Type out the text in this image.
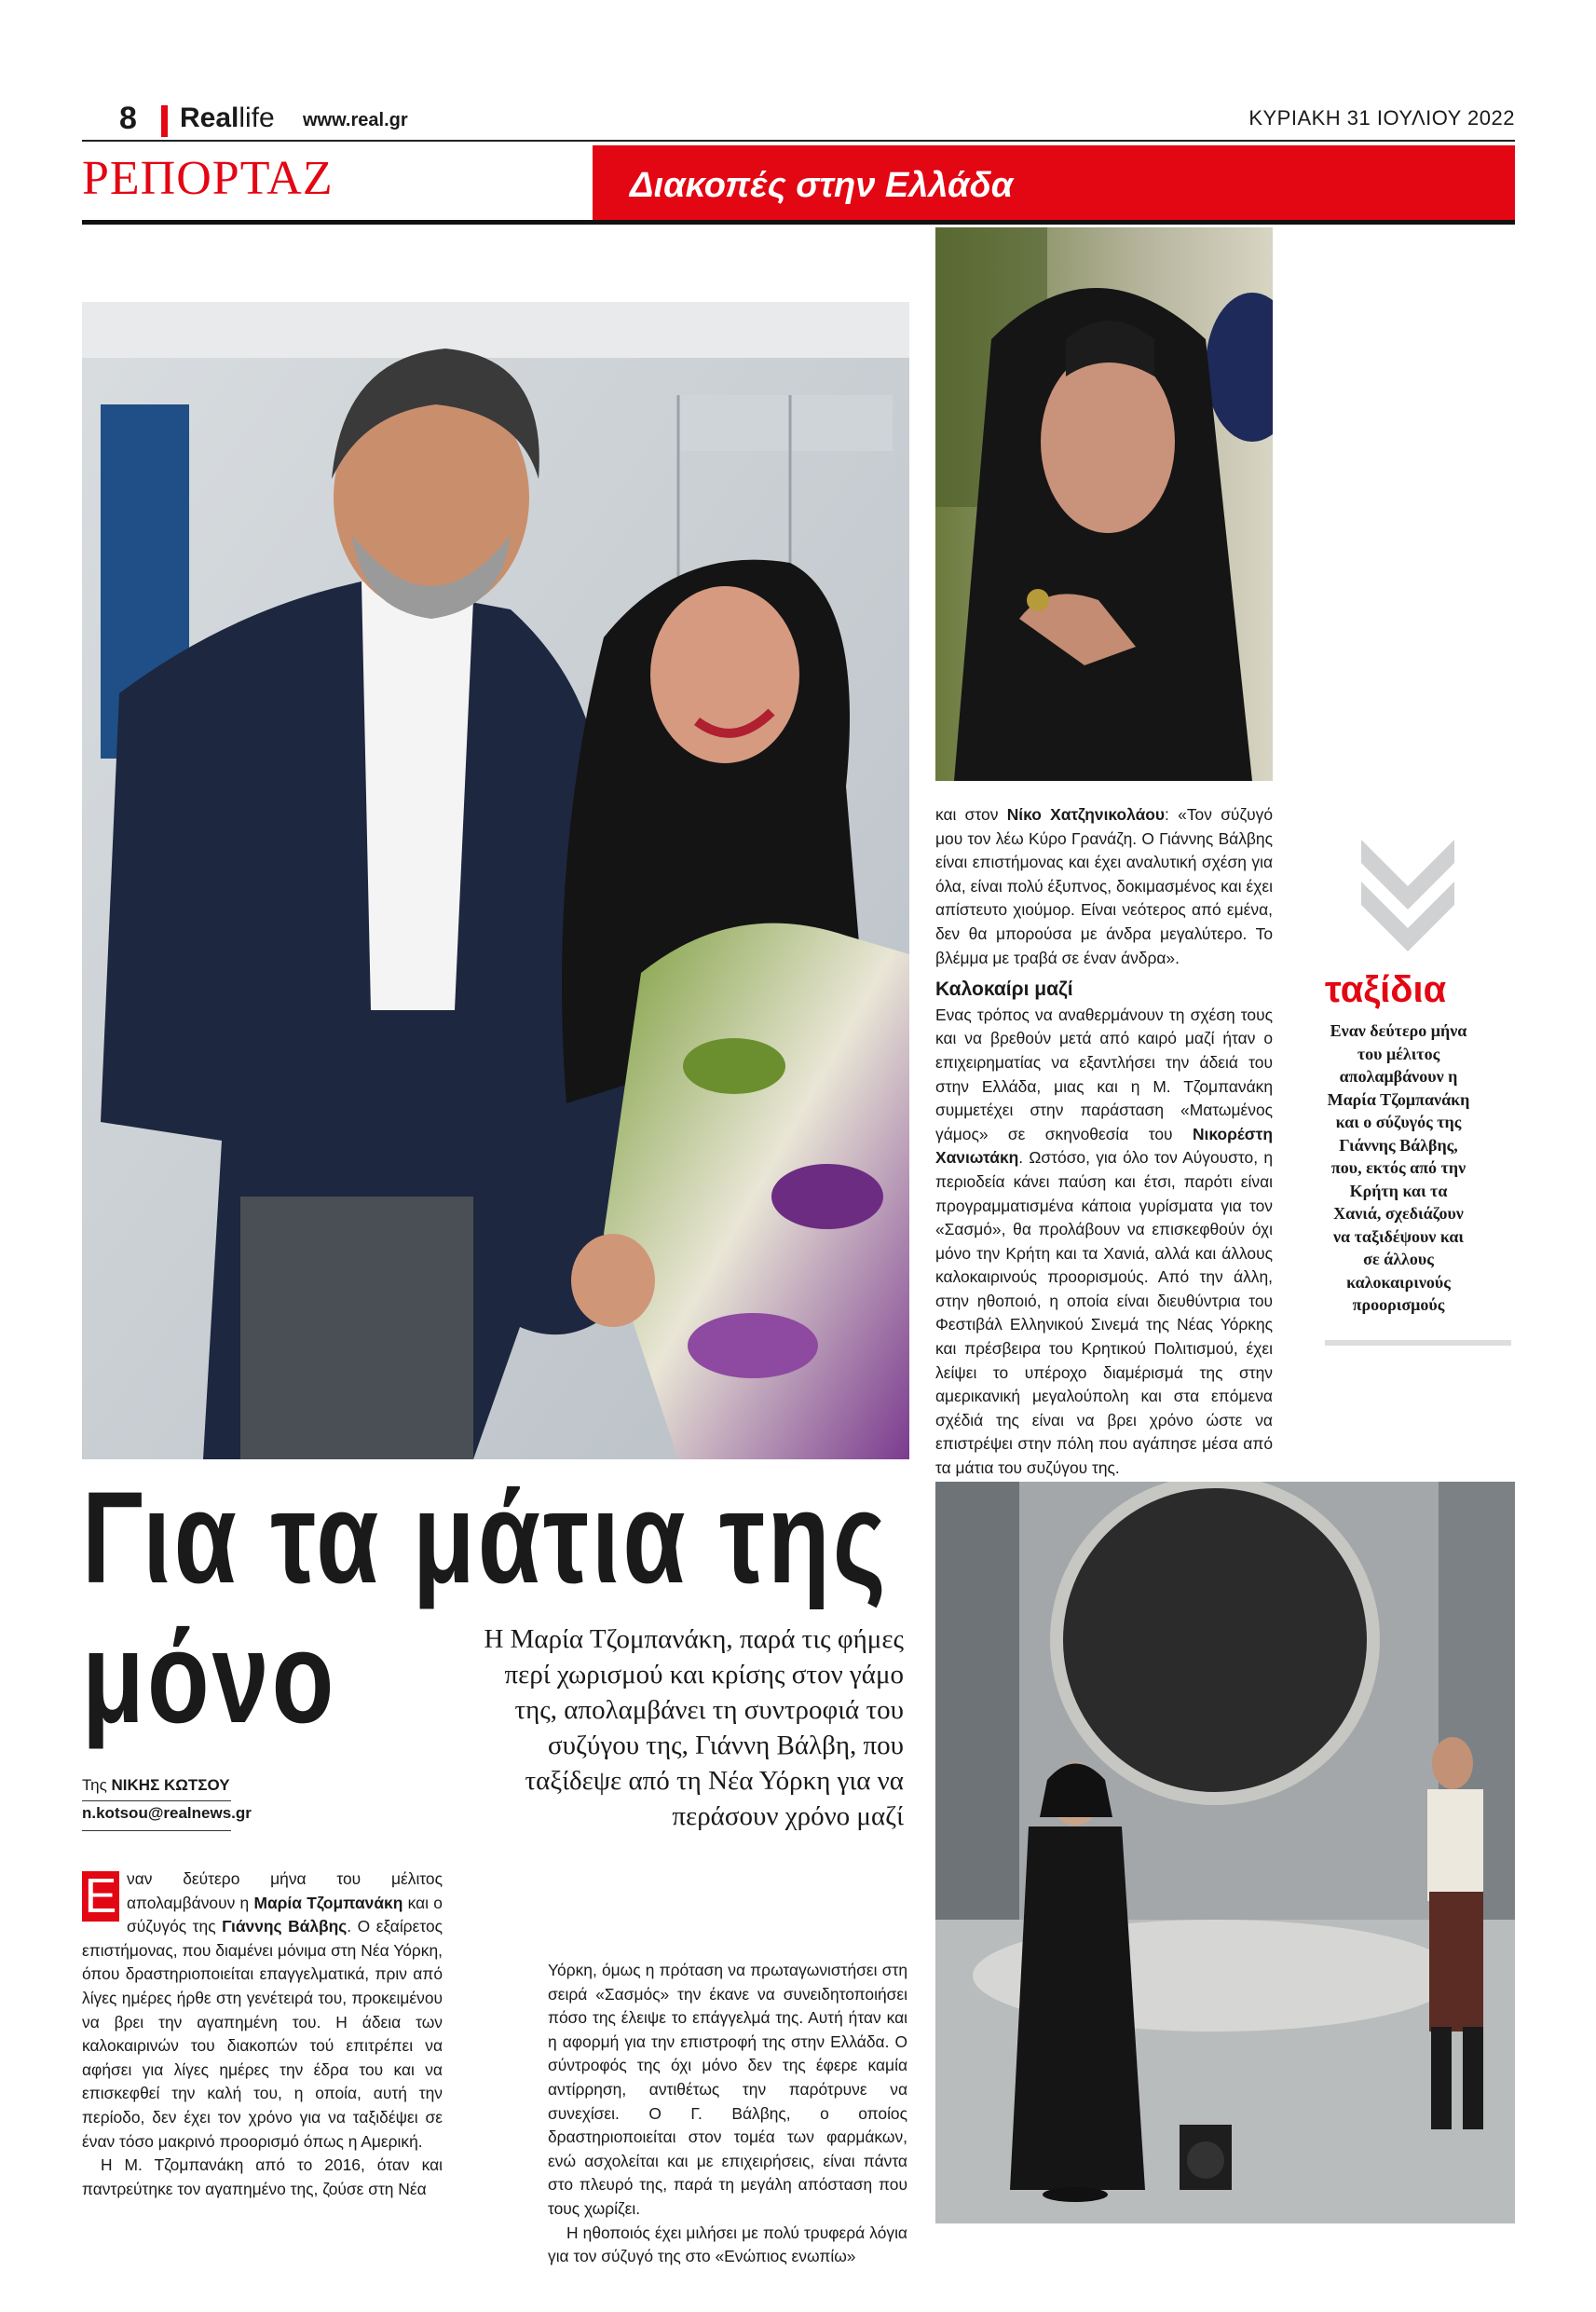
8 Reallife www.real.gr	ΚΥΡΙΑΚΗ 31 ΙΟΥΛΙΟΥ 2022
ΡΕΠΟΡΤΑΖ	Διακοπές στην Ελλάδα

και στον Νίκο Χατζηνικολάου: «Τον σύζυγό μου τον λέω Κύρο Γρανάζη. Ο Γιάννης Βάλβης είναι επιστήμονας και έχει αναλυτική σχέση για όλα, είναι πολύ έξυπνος, δοκιμασμένος και έχει απίστευτο χιούμορ. Είναι νεότερος από εμένα, δεν θα μπορούσα με άνδρα μεγαλύτερο. Το βλέμμα με τραβά σε έναν άνδρα».

Καλοκαίρι μαζί

Ενας τρόπος να αναθερμάνουν τη σχέση τους και να βρεθούν μετά από καιρό μαζί ήταν ο επιχειρηματίας να εξαντλήσει την άδειά του στην Ελλάδα, μιας και η Μ. Τζομπανάκη συμμετέχει στην παράσταση «Ματωμένος γάμος» σε σκηνοθεσία του Νικορέστη Χανιωτάκη. Ωστόσο, για όλο τον Αύγουστο, η περιοδεία κάνει παύση και έτσι, παρότι είναι προγραμματισμένα κάποια γυρίσματα για τον «Σασμό», θα προλάβουν να επισκεφθούν όχι μόνο την Κρήτη και τα Χανιά, αλλά και άλλους καλοκαιρινούς προορισμούς. Από την άλλη, στην ηθοποιό, η οποία είναι διευθύντρια του Φεστιβάλ Ελληνικού Σινεμά της Νέας Υόρκης και πρέσβειρα του Κρητικού Πολιτισμού, έχει λείψει το υπέροχο διαμέρισμά της στην αμερικανική μεγαλούπολη και στα επόμενα σχέδιά της είναι να βρει χρόνο ώστε να επιστρέψει στην πόλη που αγάπησε μέσα από τα μάτια του συζύγου της.

ταξίδια
Εναν δεύτερο μήνα του μέλιτος απολαμβάνουν η Μαρία Τζομπανάκη και ο σύζυγός της Γιάννης Βάλβης, που, εκτός από την Κρήτη και τα Χανιά, σχεδιάζουν να ταξιδέψουν και σε άλλους καλοκαιρινούς προορισμούς
Για τα μάτια της
μόνο	Η Μαρία Τζομπανάκη, παρά τις φήμες περί χωρισμού και κρίσης στον γάμο της, απολαμβάνει τη συντροφιά του συζύγου της, Γιάννη Βάλβη, που ταξίδεψε από τη Νέα Υόρκη για να περάσουν χρόνο μαζί
Της ΝΙΚΗΣ ΚΩΤΣΟΥ
n.kotsou@realnews.gr

Ε ναν δεύτερο μήνα του μέλιτος απολαμβάνουν η Μαρία Τζομπανάκη και ο σύζυγός της Γιάννης Βάλβης. Ο εξαίρετος επιστήμονας, που διαμένει μόνιμα στη Νέα Υόρκη, όπου δραστηριοποιείται επαγγελματικά, πριν από λίγες ημέρες ήρθε στη γενέτειρά του, προκειμένου να βρει την αγαπημένη του. Η άδεια των καλοκαιρινών του διακοπών τού επιτρέπει να αφήσει για λίγες ημέρες την έδρα του και να επισκεφθεί την καλή του, η οποία, αυτή την περίοδο, δεν έχει τον χρόνο για να ταξιδέψει σε έναν τόσο μακρινό προορισμό όπως η Αμερική.

Η Μ. Τζομπανάκη από το 2016, όταν και παντρεύτηκε τον αγαπημένο της, ζούσε στη Νέα

Υόρκη, όμως η πρόταση να πρωταγωνιστήσει στη σειρά «Σασμός» την έκανε να συνειδητοποιήσει πόσο της έλειψε το επάγγελμά της. Αυτή ήταν και η αφορμή για την επιστροφή της στην Ελλάδα. Ο σύντροφός της όχι μόνο δεν της έφερε καμία αντίρρηση, αντιθέτως την παρότρυνε να συνεχίσει. Ο Γ. Βάλβης, ο οποίος δραστηριοποιείται στον τομέα των φαρμάκων, ενώ ασχολείται και με επιχειρήσεις, είναι πάντα στο πλευρό της, παρά τη μεγάλη απόσταση που τους χωρίζει.

Η ηθοποιός έχει μιλήσει με πολύ τρυφερά λόγια για τον σύζυγό της στο «Ενώπιος ενωπίω»
